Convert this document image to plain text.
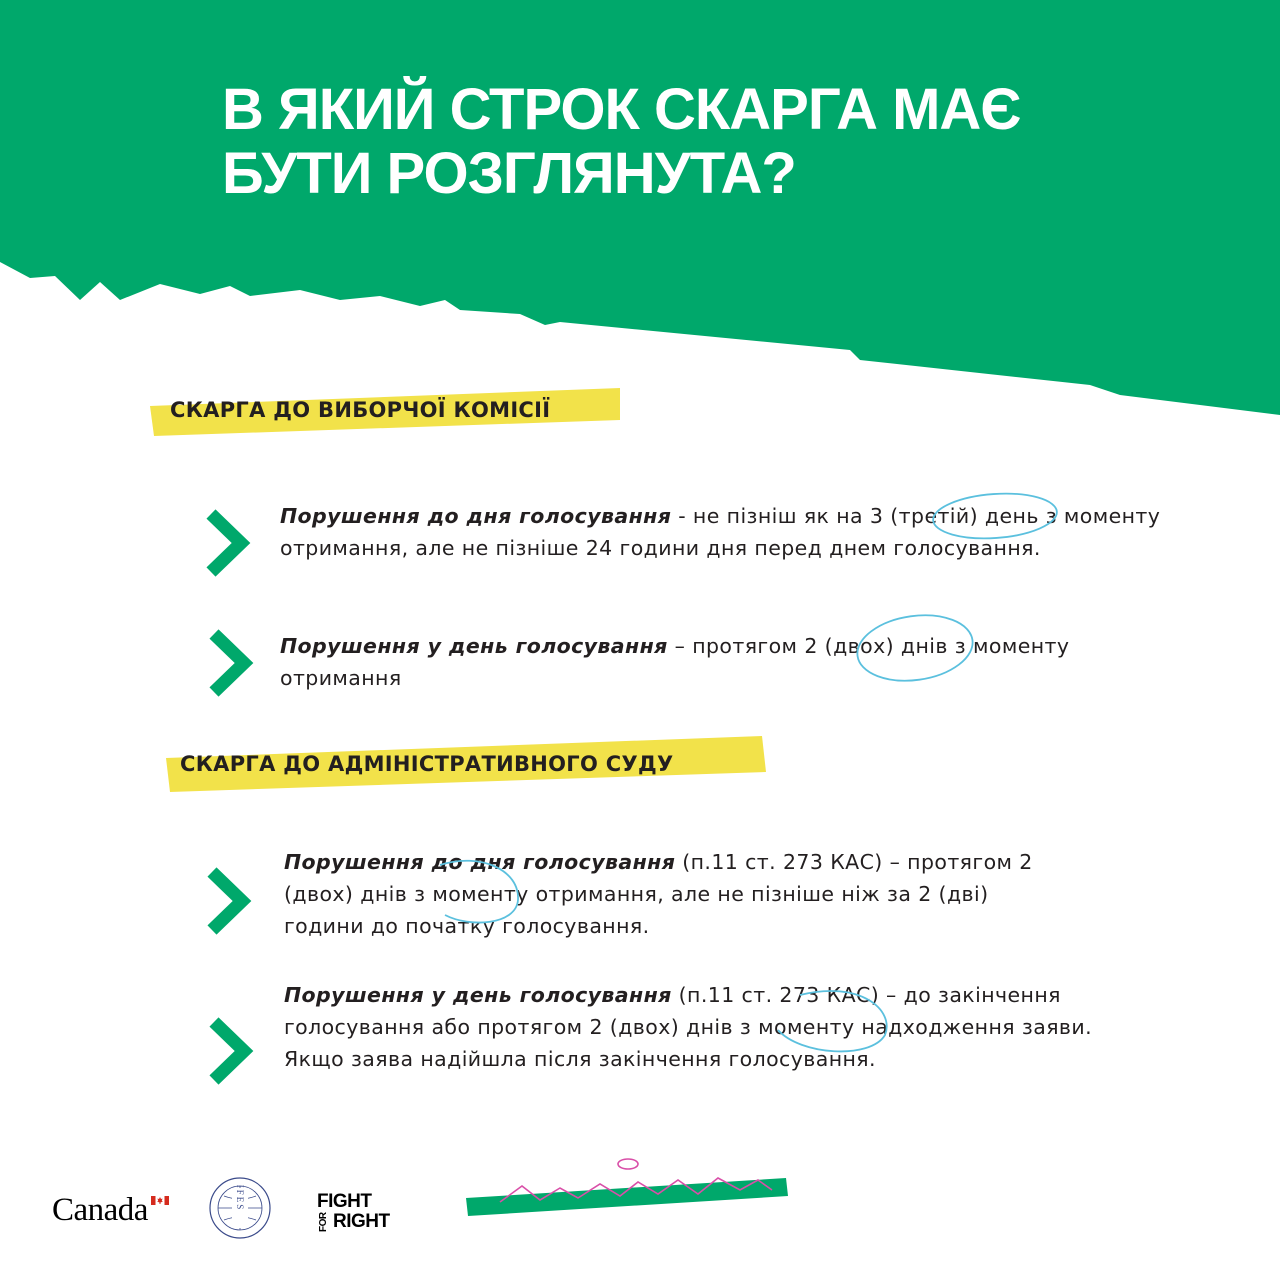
В ЯКИЙ СТРОК СКАРГА МАЄ
БУТИ РОЗГЛЯНУТА?
СКАРГА ДО ВИБОРЧОЇ КОМІСІЇ
Порушення до дня голосування - не пізніш як на 3 (третій) день з моменту отримання, але не пізніше 24 години дня перед днем голосування.
Порушення у день голосування – протягом 2 (двох) днів з моменту отримання
СКАРГА ДО АДМІНІСТРАТИВНОГО СУДУ
Порушення до дня голосування (п.11 ст. 273 КАС) – протягом 2 (двох) днів з моменту отримання, але не пізніше ніж за 2 (дві) години до початку голосування.
Порушення у день голосування (п.11 ст. 273 КАС) – до закінчення голосування або протягом 2 (двох) днів з моменту надходження заяви. Якщо заява надійшла після закінчення голосування.
Canada	IFES	FIGHT
FOR RIGHT
